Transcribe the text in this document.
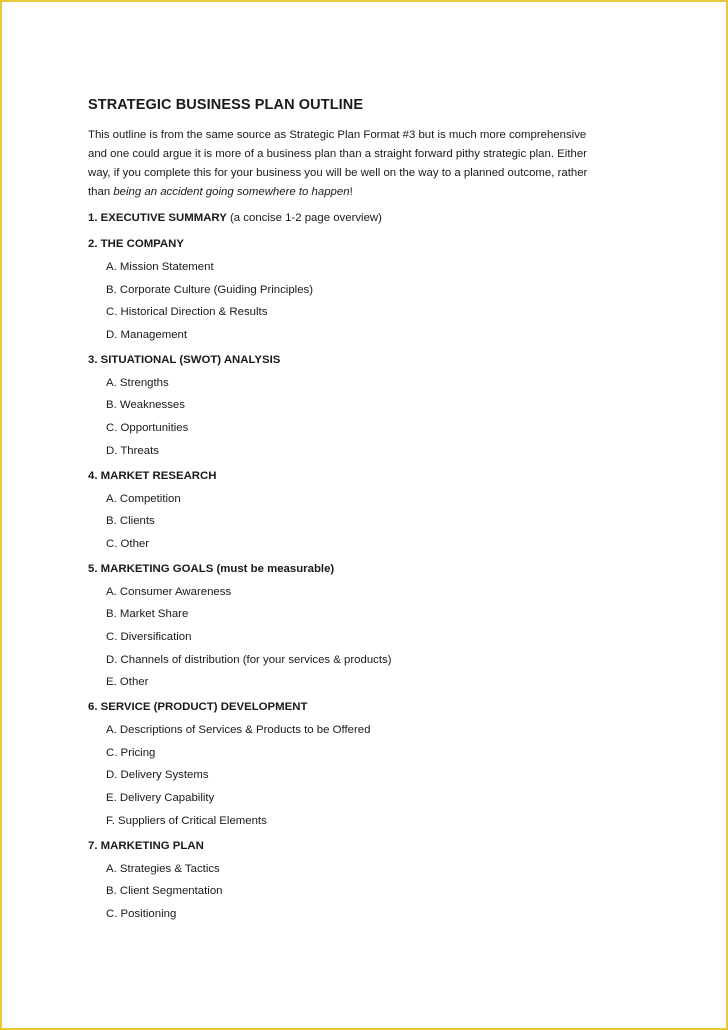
STRATEGIC BUSINESS PLAN OUTLINE

This outline is from the same source as Strategic Plan Format #3 but is much more comprehensive
and one could argue it is more of a business plan than a straight forward pithy strategic plan. Either
way, if you complete this for your business you will be well on the way to a planned outcome, rather
than being an accident going somewhere to happen!

1. EXECUTIVE SUMMARY (a concise 1-2 page overview)
2. THE COMPANY
A. Mission Statement
B. Corporate Culture (Guiding Principles)
C. Historical Direction & Results
D. Management
3. SITUATIONAL (SWOT) ANALYSIS
A. Strengths
B. Weaknesses
C. Opportunities
D. Threats
4. MARKET RESEARCH
A. Competition
B. Clients
C. Other
5. MARKETING GOALS (must be measurable)
A. Consumer Awareness
B. Market Share
C. Diversification
D. Channels of distribution (for your services & products)
E. Other
6. SERVICE (PRODUCT) DEVELOPMENT
A. Descriptions of Services & Products to be Offered
C. Pricing
D. Delivery Systems
E. Delivery Capability
F. Suppliers of Critical Elements
7. MARKETING PLAN
A. Strategies & Tactics
B. Client Segmentation
C. Positioning
